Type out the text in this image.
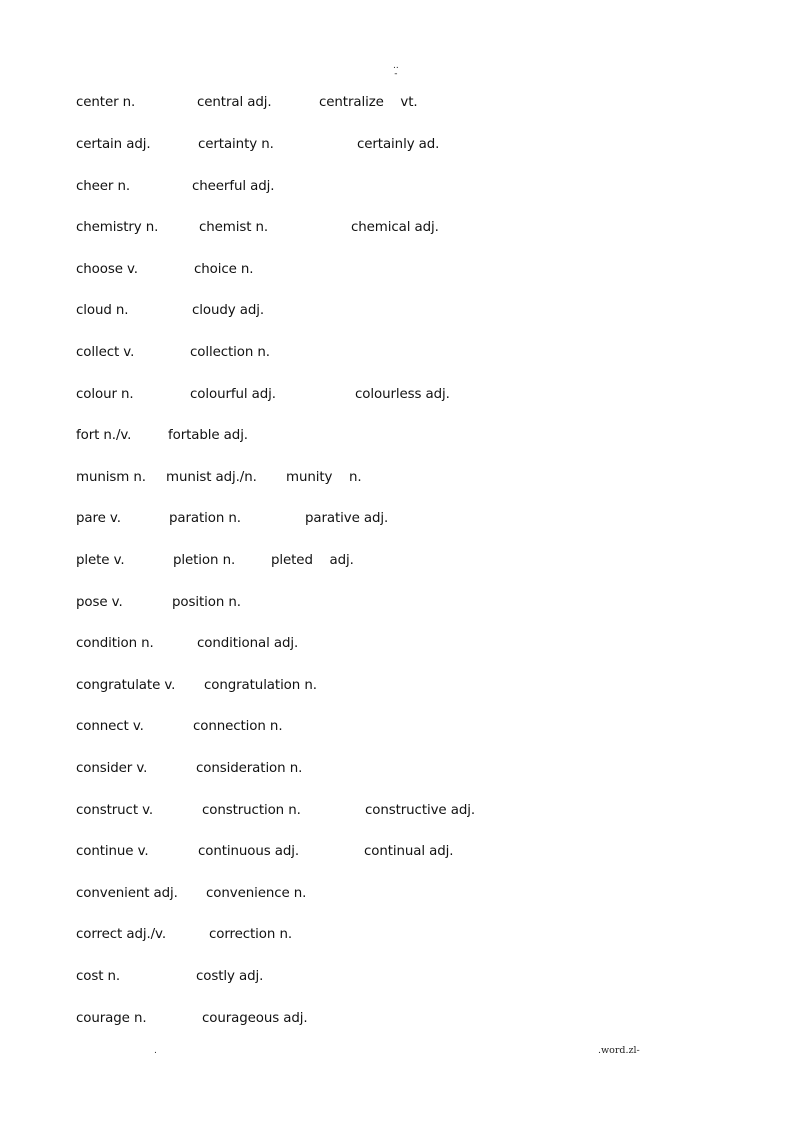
..
-
center n.	central adj.	centralize    vt.
certain adj.	certainty n.	certainly ad.
cheer n.	cheerful adj.
chemistry n.	chemist n.	chemical adj.
choose v.	choice n.
cloud n.	cloudy adj.
collect v.	collection n.
colour n.	colourful adj.	colourless adj.
fort n./v.	fortable adj.
munism n. munist adj./n. munity    n.
pare v.	paration n.	parative adj.
plete v.	pletion n.	pleted    adj.
pose v.	position n.
condition n.	conditional adj.
congratulate v. congratulation n.
connect v.	connection n.
consider v.	consideration n.
construct v.	construction n.	constructive adj.
continue v.	continuous adj.	continual adj.
convenient adj. convenience n.
correct adj./v.	correction n.
cost n.	costly adj.
courage n.	courageous adj.
.	.word.zl-
